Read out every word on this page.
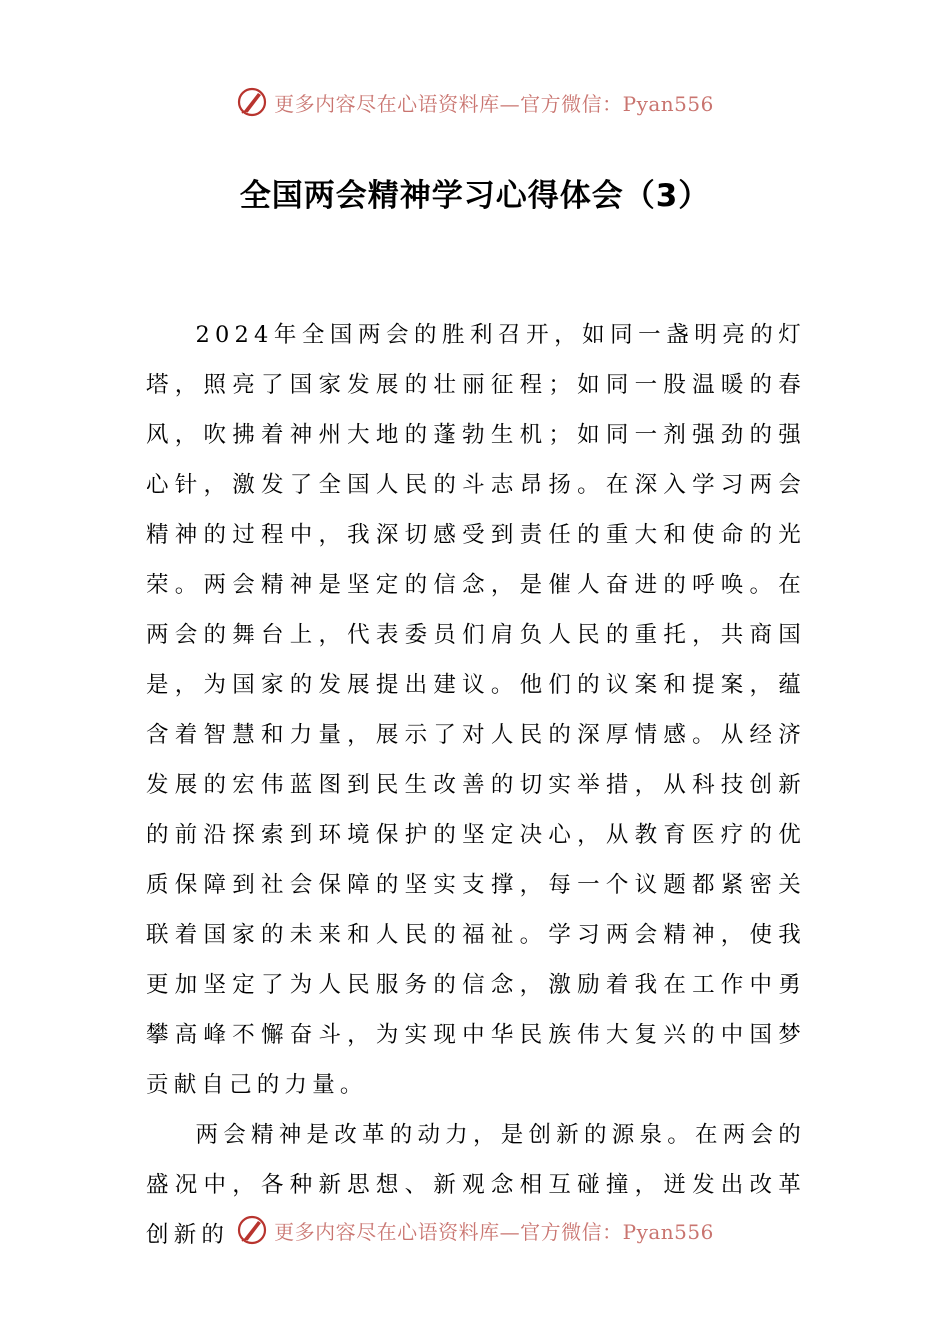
更多内容尽在心语资料库—官方微信：Pyan556
全国两会精神学习心得体会（3）

2024年全国两会的胜利召开，如同一盏明亮的灯塔，照亮了国家发展的壮丽征程；如同一股温暖的春风，吹拂着神州大地的蓬勃生机；如同一剂强劲的强心针，激发了全国人民的斗志昂扬。在深入学习两会精神的过程中，我深切感受到责任的重大和使命的光荣。两会精神是坚定的信念，是催人奋进的呼唤。在两会的舞台上，代表委员们肩负人民的重托，共商国是，为国家的发展提出建议。他们的议案和提案，蕴含着智慧和力量，展示了对人民的深厚情感。从经济发展的宏伟蓝图到民生改善的切实举措，从科技创新的前沿探索到环境保护的坚定决心，从教育医疗的优质保障到社会保障的坚实支撑，每一个议题都紧密关联着国家的未来和人民的福祉。学习两会精神，使我更加坚定了为人民服务的信念，激励着我在工作中勇攀高峰不懈奋斗，为实现中华民族伟大复兴的中国梦贡献自己的力量。

两会精神是改革的动力，是创新的源泉。在两会的盛况中，各种新思想、新观念相互碰撞，迸发出改革创新的	更多内容尽在心语资料库—官方微信：Pyan556
